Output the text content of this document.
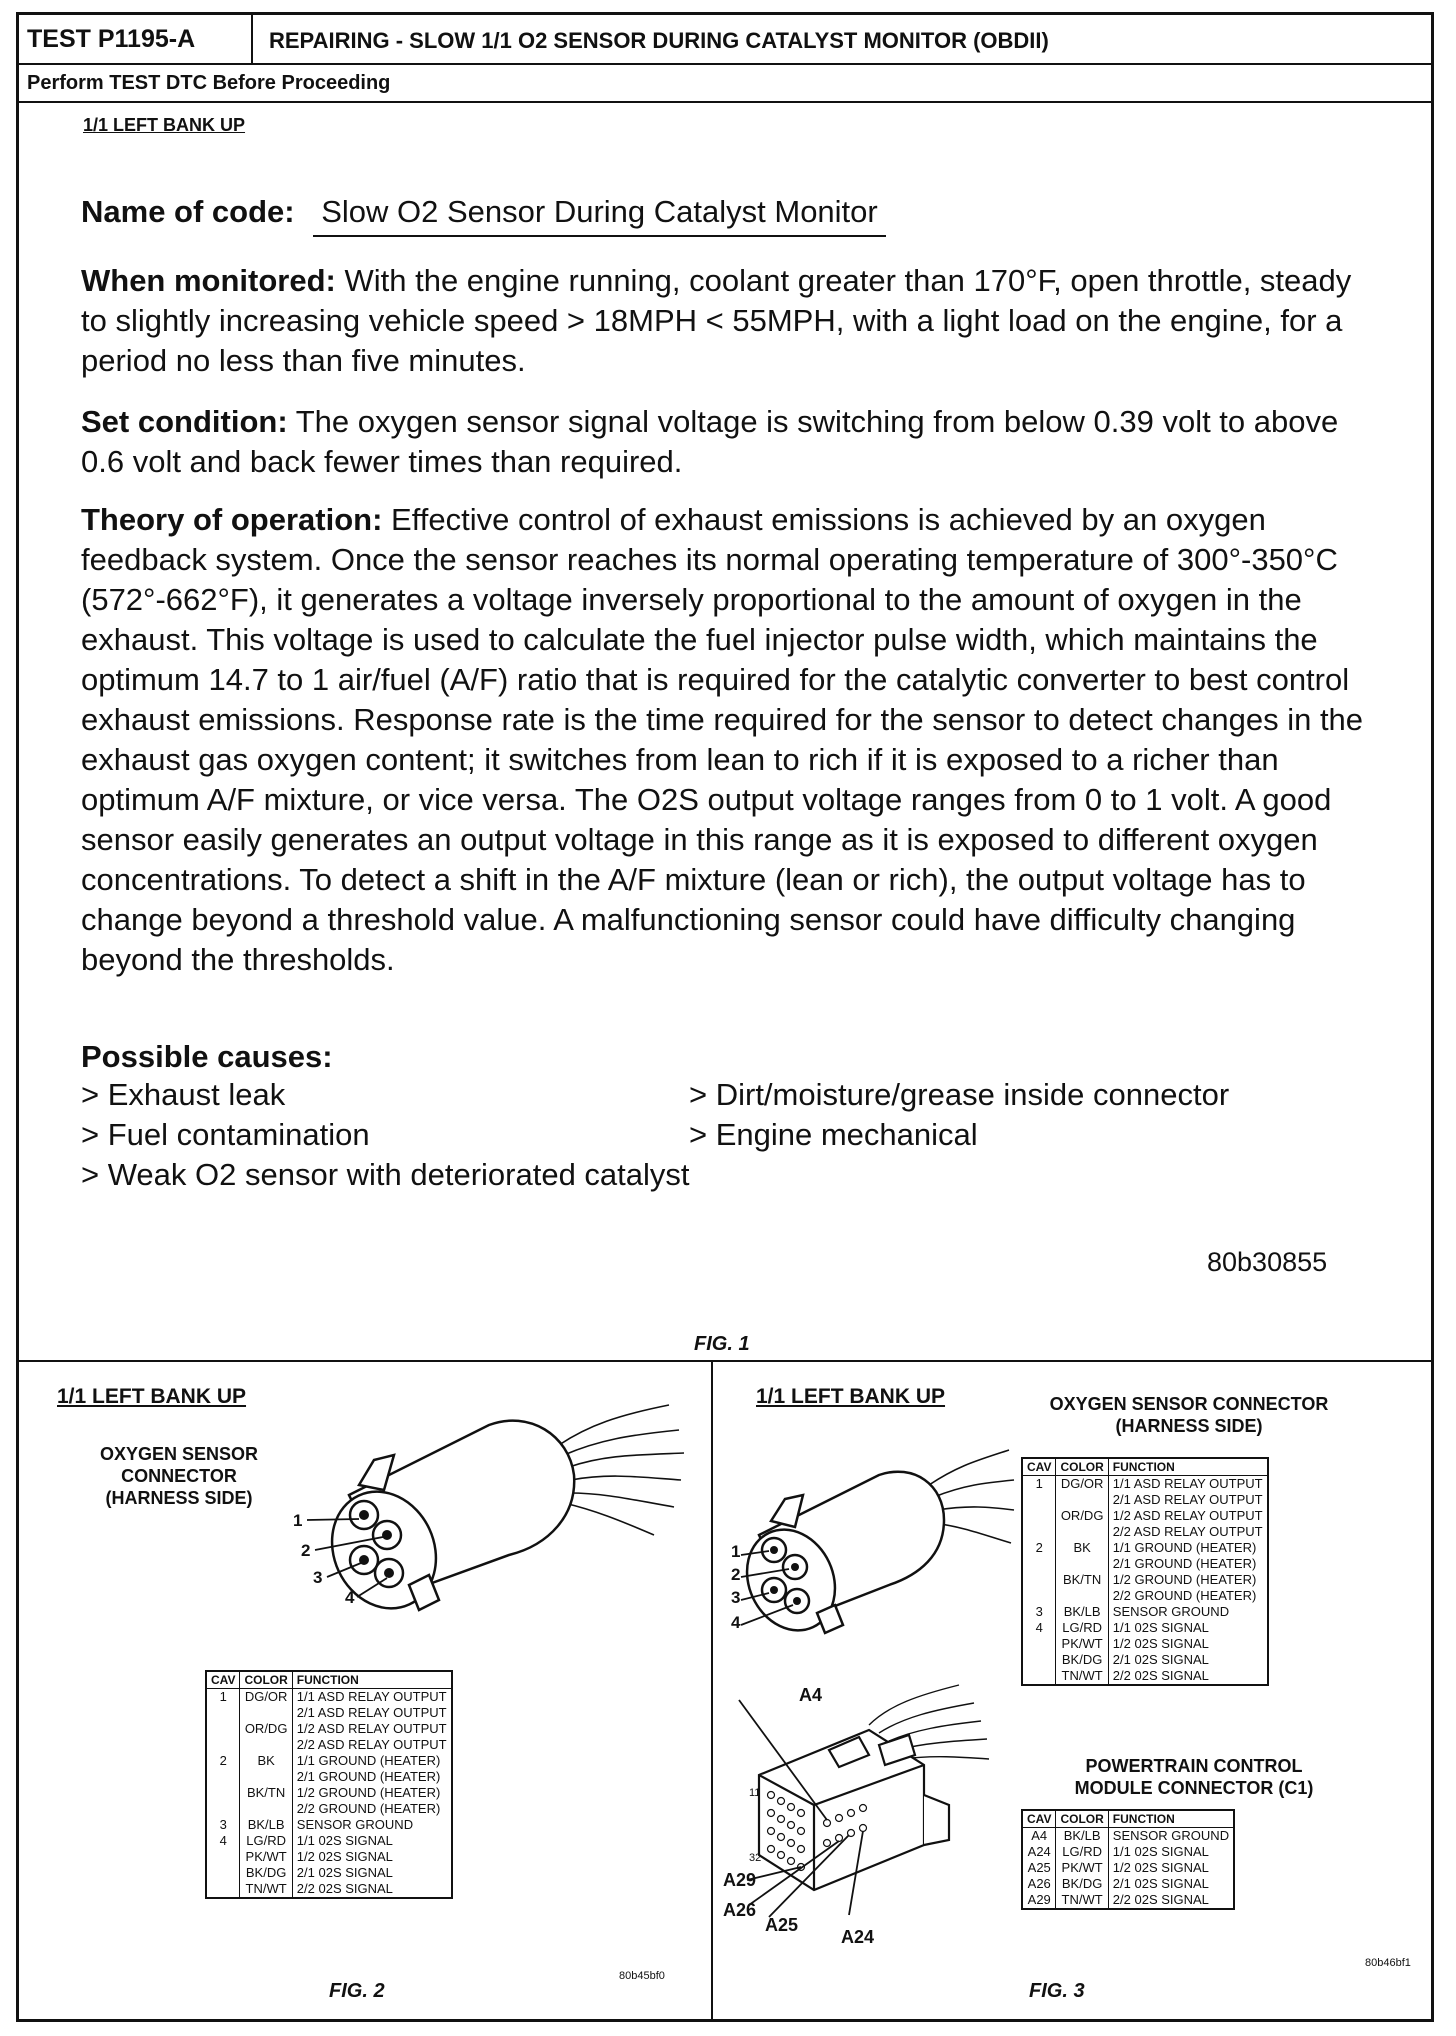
TEST P1195-A	REPAIRING - SLOW 1/1 O2 SENSOR DURING CATALYST MONITOR (OBDII)
Perform TEST DTC Before Proceeding
1/1 LEFT BANK UP
Name of code: Slow O2 Sensor During Catalyst Monitor
When monitored: With the engine running, coolant greater than 170°F, open throttle, steady to slightly increasing vehicle speed > 18MPH < 55MPH, with a light load on the engine, for a period no less than five minutes.
Set condition: The oxygen sensor signal voltage is switching from below 0.39 volt to above 0.6 volt and back fewer times than required.
Theory of operation: Effective control of exhaust emissions is achieved by an oxygen feedback system. Once the sensor reaches its normal operating temperature of 300°-350°C (572°-662°F), it generates a voltage inversely proportional to the amount of oxygen in the exhaust. This voltage is used to calculate the fuel injector pulse width, which maintains the optimum 14.7 to 1 air/fuel (A/F) ratio that is required for the catalytic converter to best control exhaust emissions. Response rate is the time required for the sensor to detect changes in the exhaust gas oxygen content; it switches from lean to rich if it is exposed to a richer than optimum A/F mixture, or vice versa. The O2S output voltage ranges from 0 to 1 volt. A good sensor easily generates an output voltage in this range as it is exposed to different oxygen concentrations. To detect a shift in the A/F mixture (lean or rich), the output voltage has to change beyond a threshold value. A malfunctioning sensor could have difficulty changing beyond the thresholds.
Possible causes:
> Exhaust leak
> Fuel contamination
> Weak O2 sensor with deteriorated catalyst
> Dirt/moisture/grease inside connector
> Engine mechanical
80b30855
FIG. 1
1/1 LEFT BANK UP
OXYGEN SENSOR
CONNECTOR
(HARNESS SIDE)
1
2
3
4
CAV	COLOR	FUNCTION
1	DG/OR	1/1 ASD RELAY OUTPUT
		2/1 ASD RELAY OUTPUT
	OR/DG	1/2 ASD RELAY OUTPUT
		2/2 ASD RELAY OUTPUT
2	BK	1/1 GROUND (HEATER)
		2/1 GROUND (HEATER)
	BK/TN	1/2 GROUND (HEATER)
		2/2 GROUND (HEATER)
3	BK/LB	SENSOR GROUND
4	LG/RD	1/1 02S SIGNAL
	PK/WT	1/2 02S SIGNAL
	BK/DG	2/1 02S SIGNAL
	TN/WT	2/2 02S SIGNAL
80b45bf0
FIG. 2
1/1 LEFT BANK UP	OXYGEN SENSOR CONNECTOR
(HARNESS SIDE)
1
2
3
4
A4
A29
A26
A25
A24
11
32
CAV	COLOR	FUNCTION
1	DG/OR	1/1 ASD RELAY OUTPUT
		2/1 ASD RELAY OUTPUT
	OR/DG	1/2 ASD RELAY OUTPUT
		2/2 ASD RELAY OUTPUT
2	BK	1/1 GROUND (HEATER)
		2/1 GROUND (HEATER)
	BK/TN	1/2 GROUND (HEATER)
		2/2 GROUND (HEATER)
3	BK/LB	SENSOR GROUND
4	LG/RD	1/1 02S SIGNAL
	PK/WT	1/2 02S SIGNAL
	BK/DG	2/1 02S SIGNAL
	TN/WT	2/2 02S SIGNAL
POWERTRAIN CONTROL
MODULE CONNECTOR (C1)
CAV	COLOR	FUNCTION
A4	BK/LB	SENSOR GROUND
A24	LG/RD	1/1 02S SIGNAL
A25	PK/WT	1/2 02S SIGNAL
A26	BK/DG	2/1 02S SIGNAL
A29	TN/WT	2/2 02S SIGNAL
80b46bf1
FIG. 3
